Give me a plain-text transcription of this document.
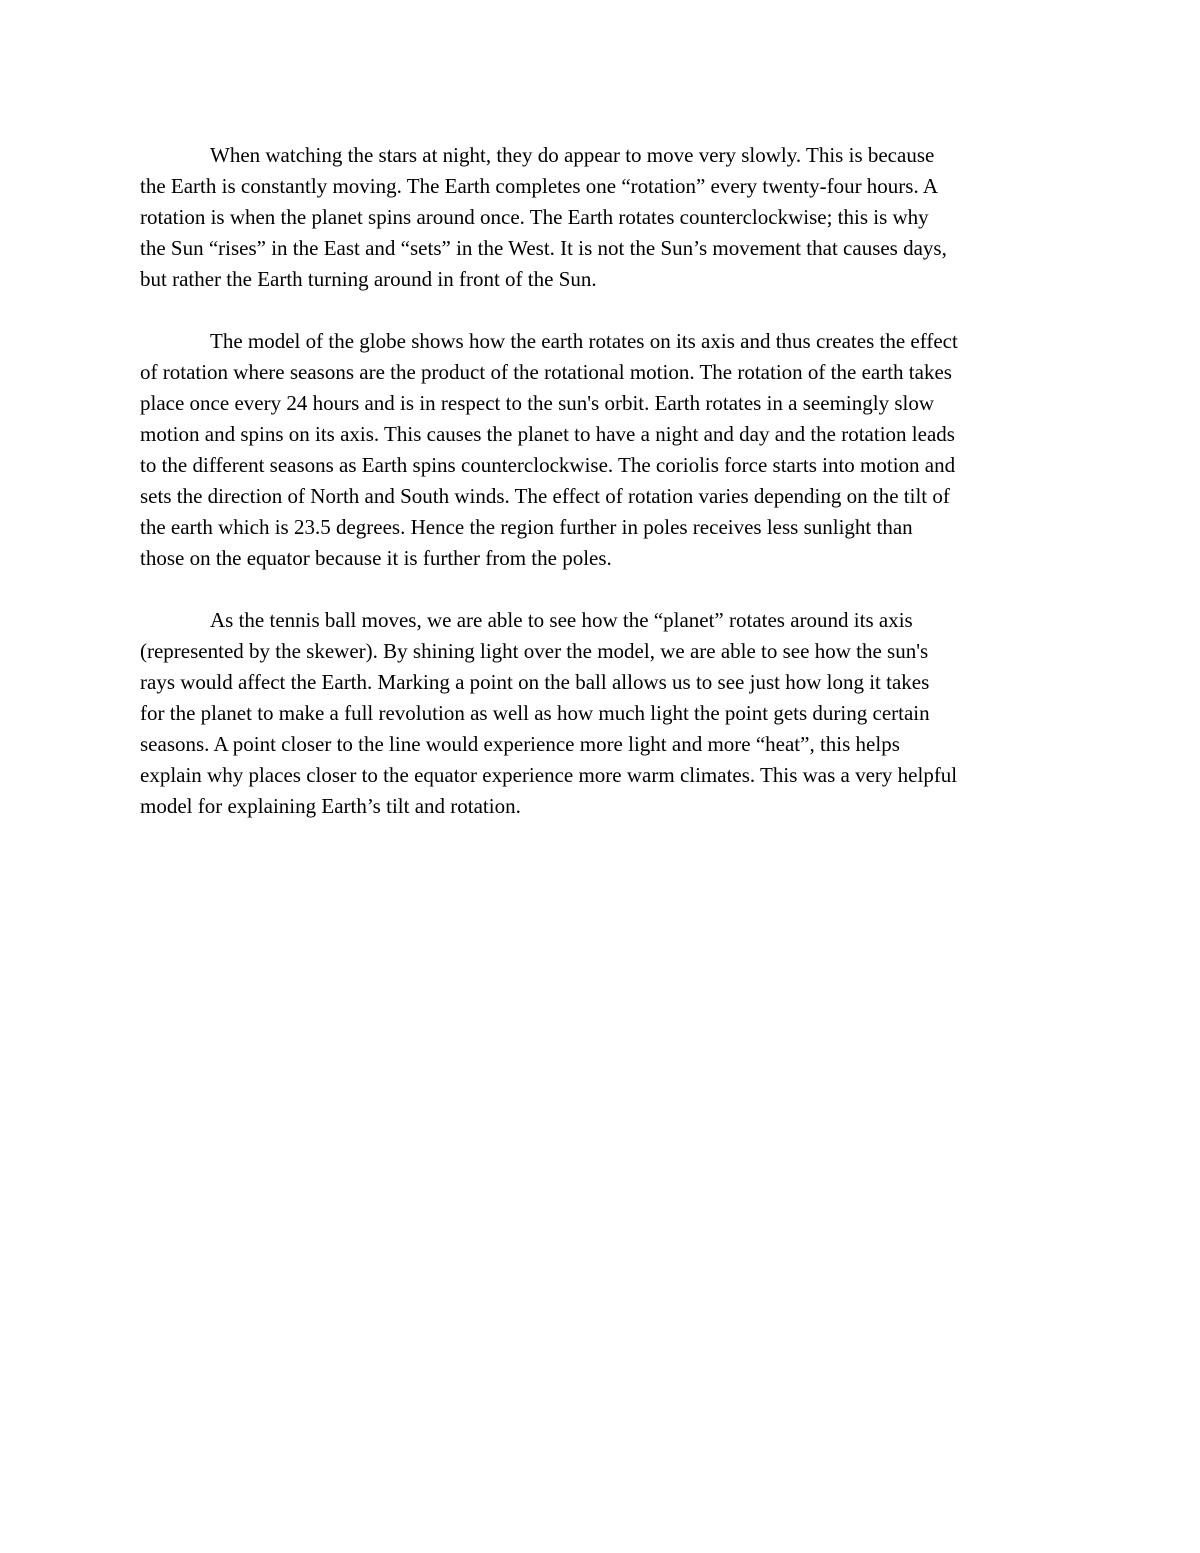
When watching the stars at night, they do appear to move very slowly. This is because
the Earth is constantly moving. The Earth completes one “rotation” every twenty-four hours. A
rotation is when the planet spins around once. The Earth rotates counterclockwise; this is why
the Sun “rises” in the East and “sets” in the West. It is not the Sun’s movement that causes days,
but rather the Earth turning around in front of the Sun.
The model of the globe shows how the earth rotates on its axis and thus creates the effect
of rotation where seasons are the product of the rotational motion. The rotation of the earth takes
place once every 24 hours and is in respect to the sun's orbit. Earth rotates in a seemingly slow
motion and spins on its axis. This causes the planet to have a night and day and the rotation leads
to the different seasons as Earth spins counterclockwise. The coriolis force starts into motion and
sets the direction of North and South winds. The effect of rotation varies depending on the tilt of
the earth which is 23.5 degrees. Hence the region further in poles receives less sunlight than
those on the equator because it is further from the poles.
As the tennis ball moves, we are able to see how the “planet” rotates around its axis
(represented by the skewer). By shining light over the model, we are able to see how the sun's
rays would affect the Earth. Marking a point on the ball allows us to see just how long it takes
for the planet to make a full revolution as well as how much light the point gets during certain
seasons. A point closer to the line would experience more light and more “heat”, this helps
explain why places closer to the equator experience more warm climates. This was a very helpful
model for explaining Earth’s tilt and rotation.
